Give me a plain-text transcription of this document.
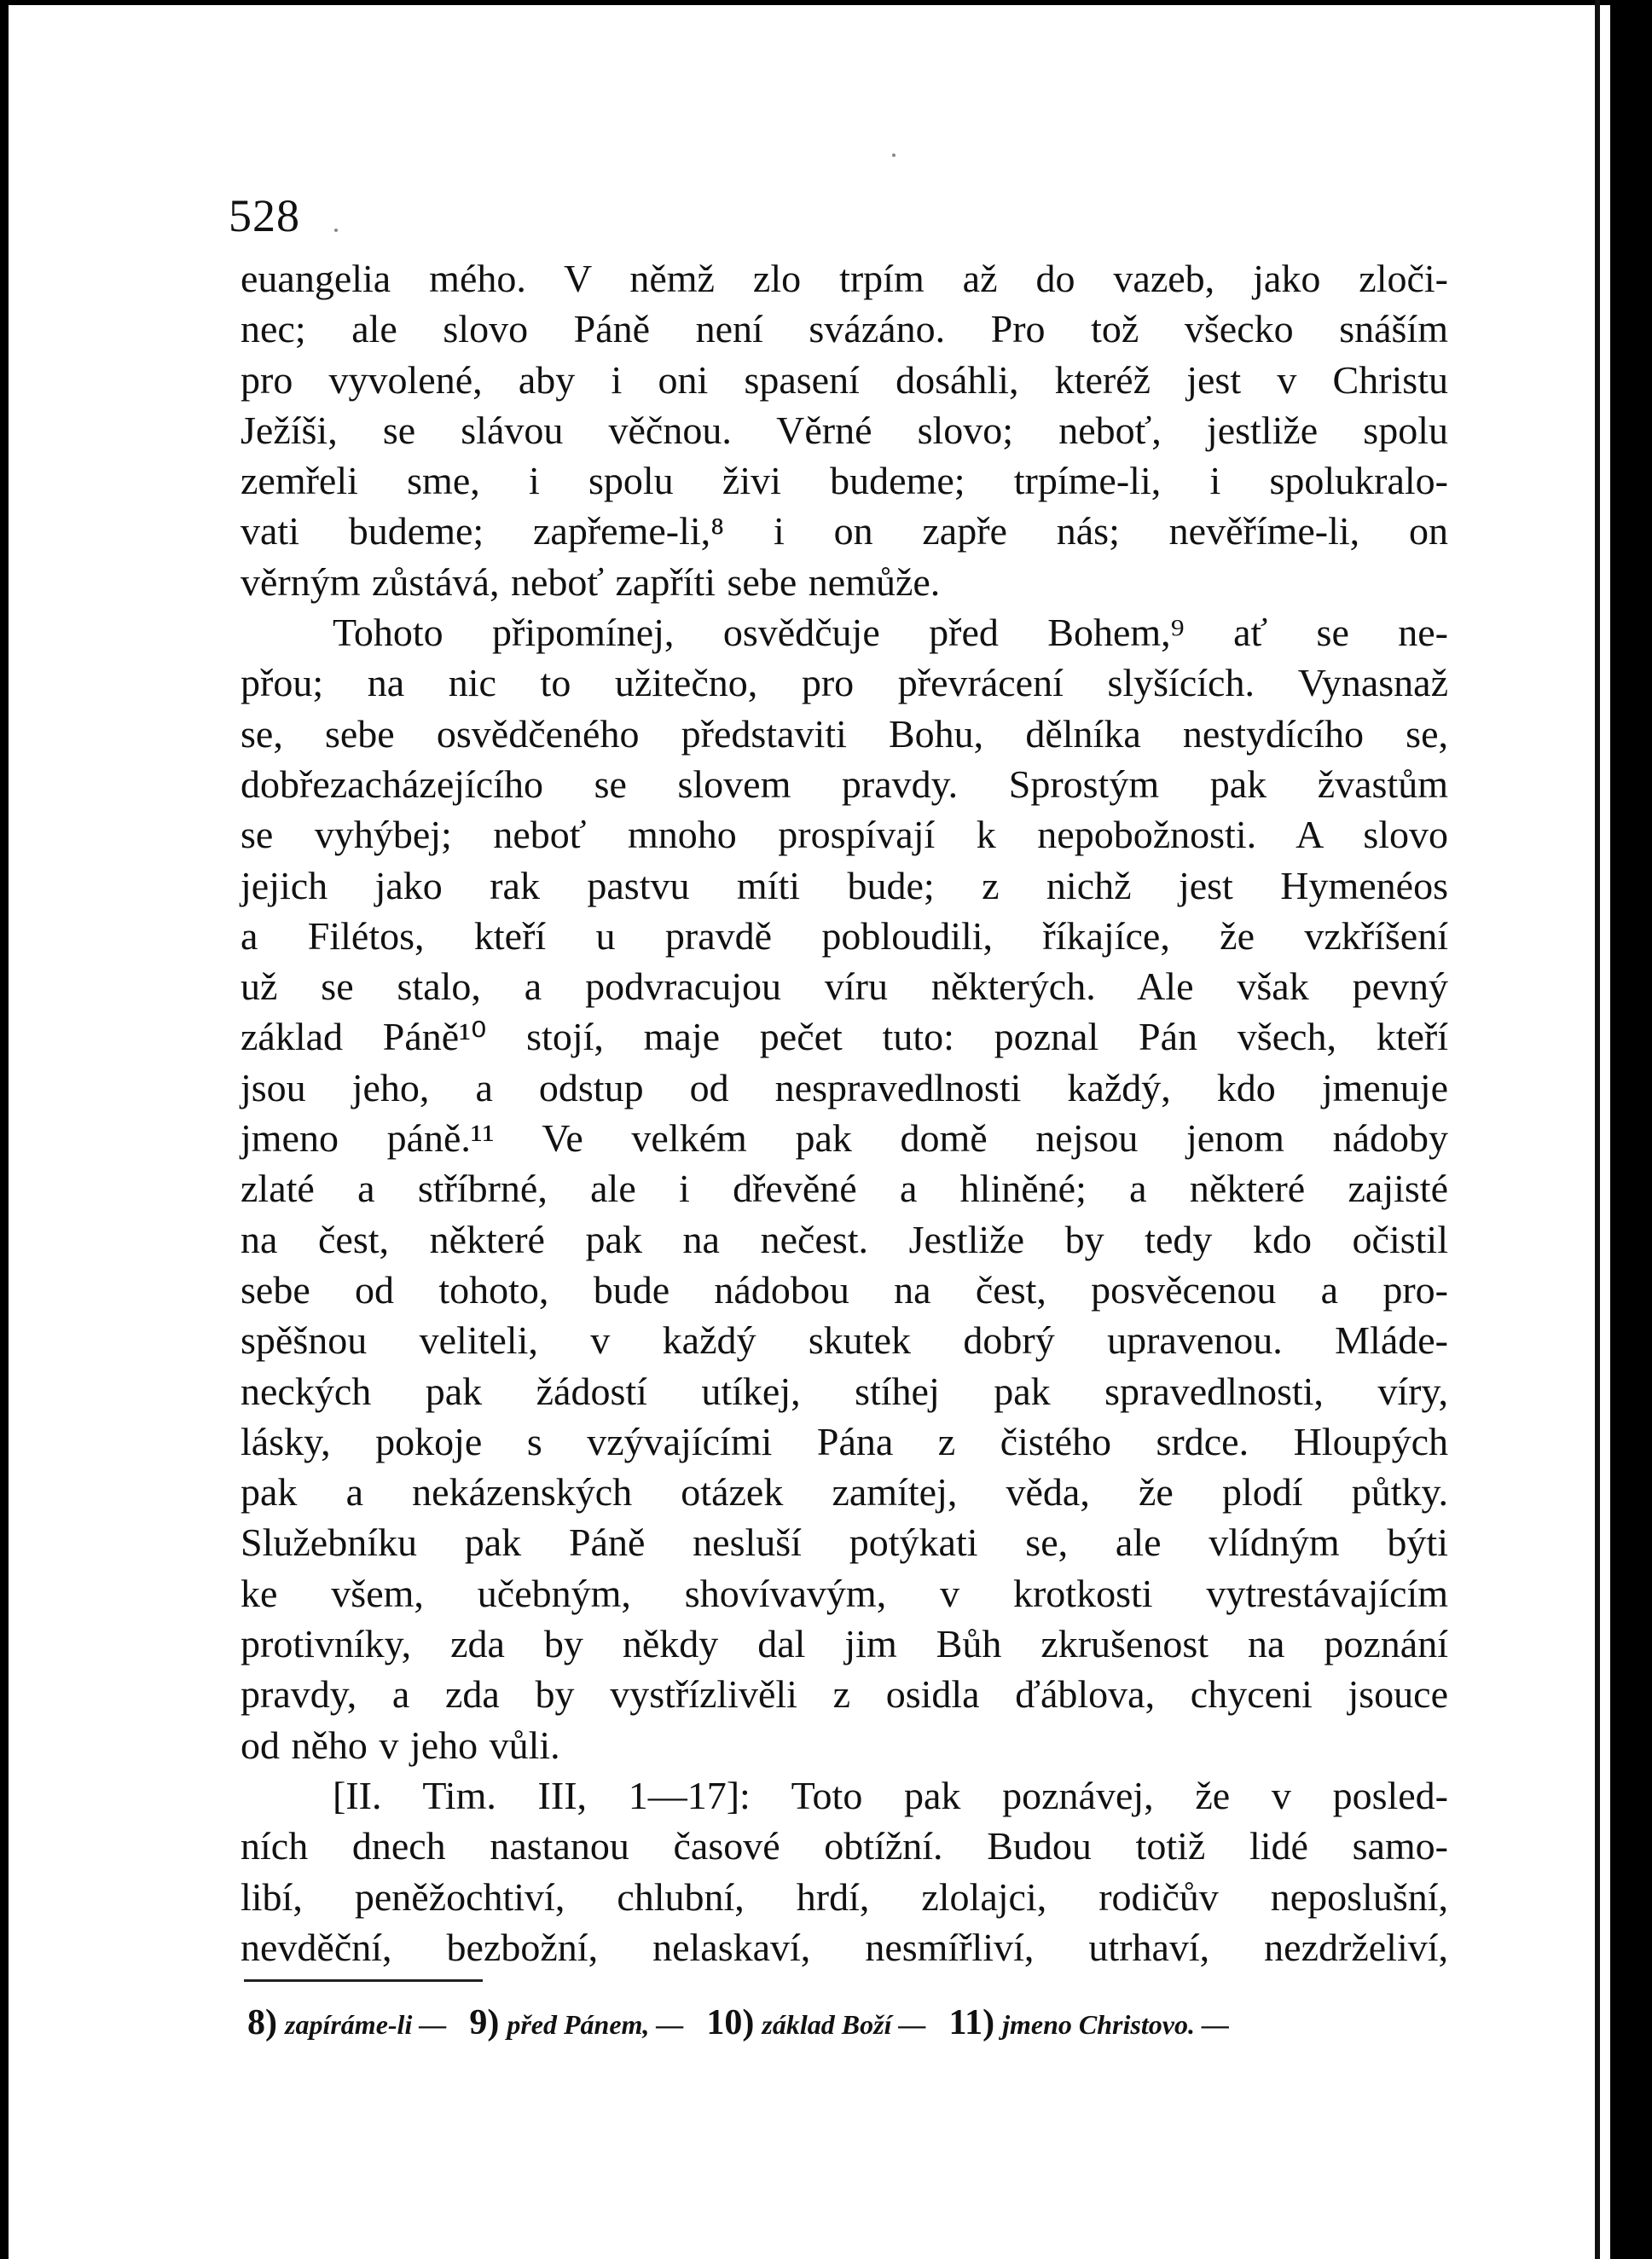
528
euangelia mého. V němž zlo trpím až do vazeb, jako zloči-
nec; ale slovo Páně není svázáno. Pro tož všecko snáším
pro vyvolené, aby i oni spasení dosáhli, kteréž jest v Christu
Ježíši, se slávou věčnou. Věrné slovo; neboť, jestliže spolu
zemřeli sme, i spolu živi budeme; trpíme-li, i spolukralo-
vati budeme; zapřeme-li,⁸ i on zapře nás; nevěříme-li, on
věrným zůstává, neboť zapříti sebe nemůže.
Tohoto připomínej, osvědčuje před Bohem,⁹ ať se ne-
přou; na nic to užitečno, pro převrácení slyšících. Vynasnaž
se, sebe osvědčeného představiti Bohu, dělníka nestydícího se,
dobřezacházejícího se slovem pravdy. Sprostým pak žvastům
se vyhýbej; neboť mnoho prospívají k nepobožnosti. A slovo
jejich jako rak pastvu míti bude; z nichž jest Hymenéos
a Filétos, kteří u pravdě pobloudili, říkajíce, že vzkříšení
už se stalo, a podvracujou víru některých. Ale však pevný
základ Páně¹⁰ stojí, maje pečet tuto: poznal Pán všech, kteří
jsou jeho, a odstup od nespravedlnosti každý, kdo jmenuje
jmeno páně.¹¹ Ve velkém pak domě nejsou jenom nádoby
zlaté a stříbrné, ale i dřevěné a hliněné; a některé zajisté
na čest, některé pak na nečest. Jestliže by tedy kdo očistil
sebe od tohoto, bude nádobou na čest, posvěcenou a pro-
spěšnou veliteli, v každý skutek dobrý upravenou. Mláde-
neckých pak žádostí utíkej, stíhej pak spravedlnosti, víry,
lásky, pokoje s vzývajícími Pána z čistého srdce. Hloupých
pak a nekázenských otázek zamítej, věda, že plodí půtky.
Služebníku pak Páně nesluší potýkati se, ale vlídným býti
ke všem, učebným, shovívavým, v krotkosti vytrestávajícím
protivníky, zda by někdy dal jim Bůh zkrušenost na poznání
pravdy, a zda by vystřízlivěli z osidla ďáblova, chyceni jsouce
od něho v jeho vůli.
[II. Tim. III, 1—17]: Toto pak poznávej, že v posled-
ních dnech nastanou časové obtížní. Budou totiž lidé samo-
libí, peněžochtiví, chlubní, hrdí, zlolajci, rodičův neposlušní,
nevděční, bezbožní, nelaskaví, nesmířliví, utrhaví, nezdrželiví,
8) zapíráme-li — 9) před Pánem, — 10) základ Boží — 11) jmeno Christovo. —
